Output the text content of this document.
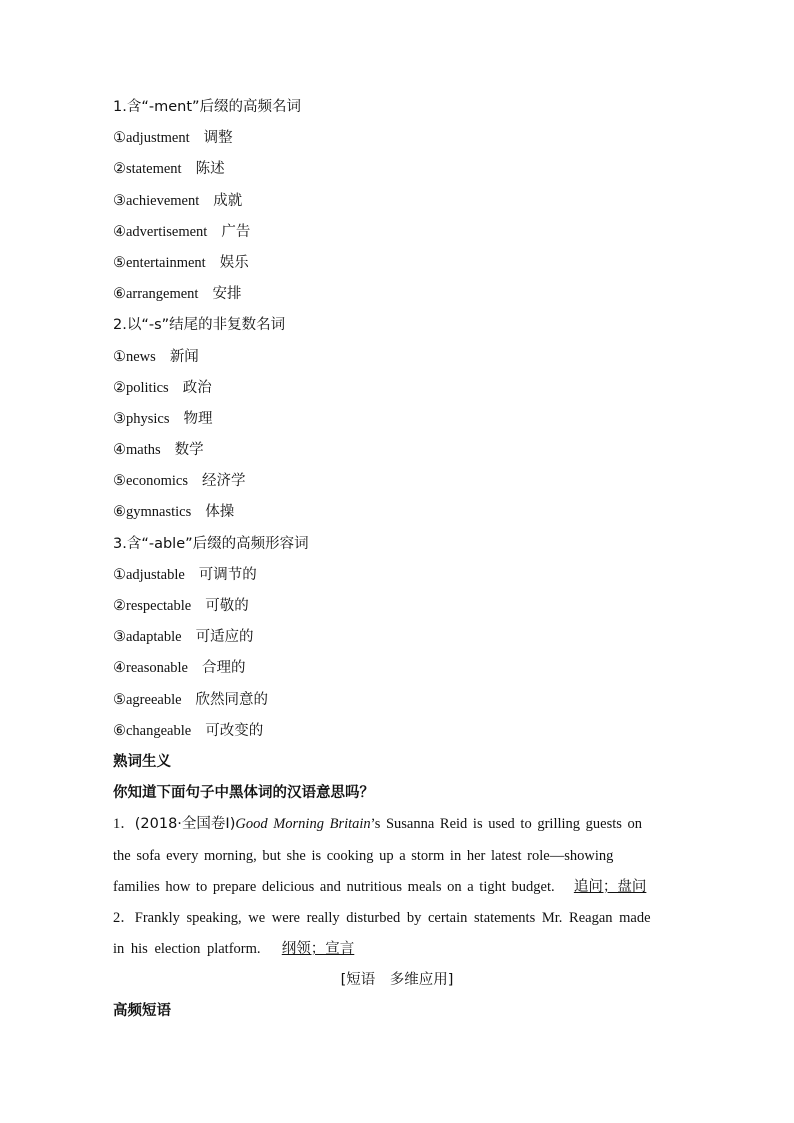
1.含“-ment”后缀的高频名词
①adjustment 调整
②statement 陈述
③achievement 成就
④advertisement 广告
⑤entertainment 娱乐
⑥arrangement 安排
2.以“-s”结尾的非复数名词
①news 新闻
②politics 政治
③physics 物理
④maths 数学
⑤economics 经济学
⑥gymnastics 体操
3.含“-able”后缀的高频形容词
①adjustable 可调节的
②respectable 可敬的
③adaptable 可适应的
④reasonable 合理的
⑤agreeable 欣然同意的
⑥changeable 可改变的
熟词生义
你知道下面句子中黑体词的汉语意思吗？
1．(2018·全国卷Ⅰ)Good Morning Britain’s Susanna Reid is used to grilling guests on
the sofa every morning, but she is cooking up a storm in her latest role—showing
families how to prepare delicious and nutritious meals on a tight budget. 追问；盘问
2．Frankly speaking, we were really disturbed by certain statements Mr. Reagan made
in his election platform. 纲领；宣言
[短语　多维应用]
高频短语
